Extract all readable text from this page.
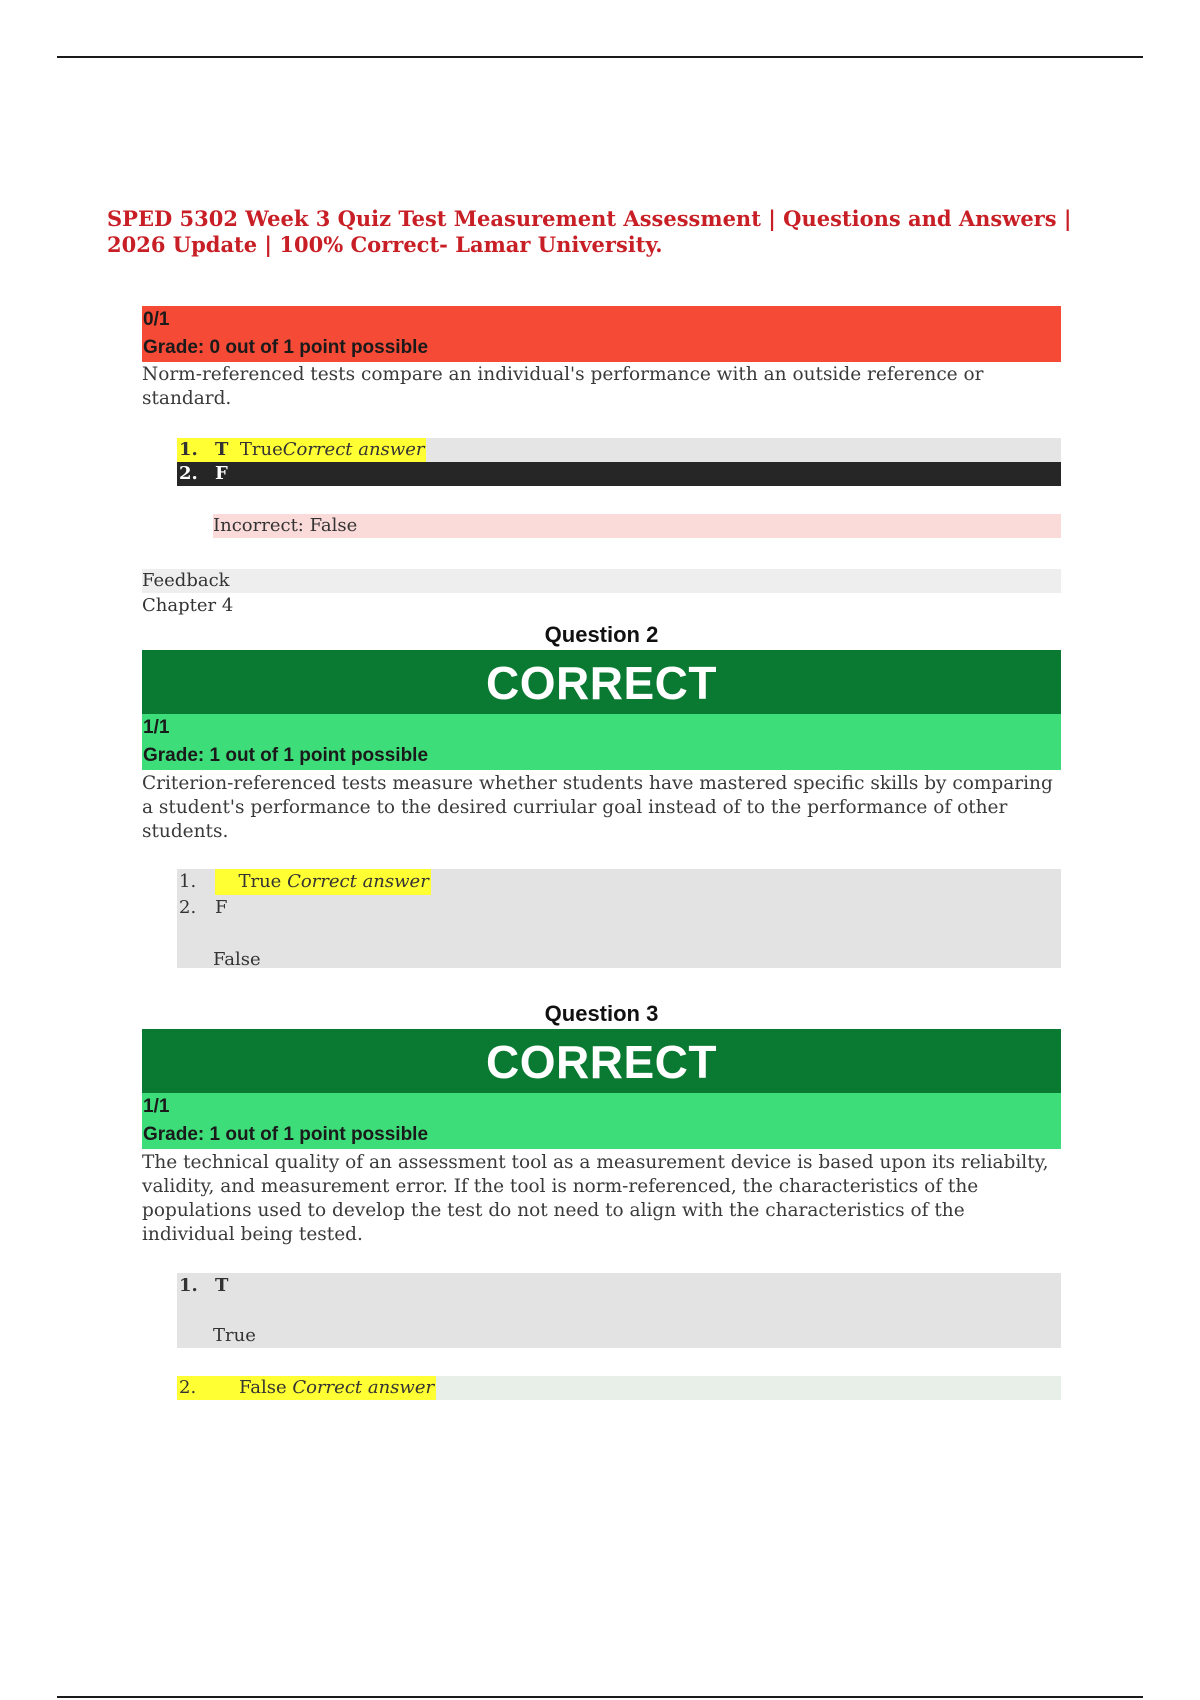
SPED 5302 Week 3 Quiz Test Measurement Assessment | Questions and Answers | 2026 Update | 100% Correct- Lamar University.
0/1
Grade: 0 out of 1 point possible

Norm-referenced tests compare an individual's performance with an outside reference or standard.

1. T TrueCorrect answer
2. F
Incorrect: False
Feedback
Chapter 4
Question 2
CORRECT
1/1
Grade: 1 out of 1 point possible

Criterion-referenced tests measure whether students have mastered specific skills by comparing a student's performance to the desired curriular goal instead of to the performance of other students.

1. T True Correct answer
2. F
False
Question 3
CORRECT
1/1
Grade: 1 out of 1 point possible

The technical quality of an assessment tool as a measurement device is based upon its reliabilty, validity, and measurement error. If the tool is norm-referenced, the characteristics of the populations used to develop the test do not need to align with the characteristics of the individual being tested.

1. T
True
2. F False Correct answer
